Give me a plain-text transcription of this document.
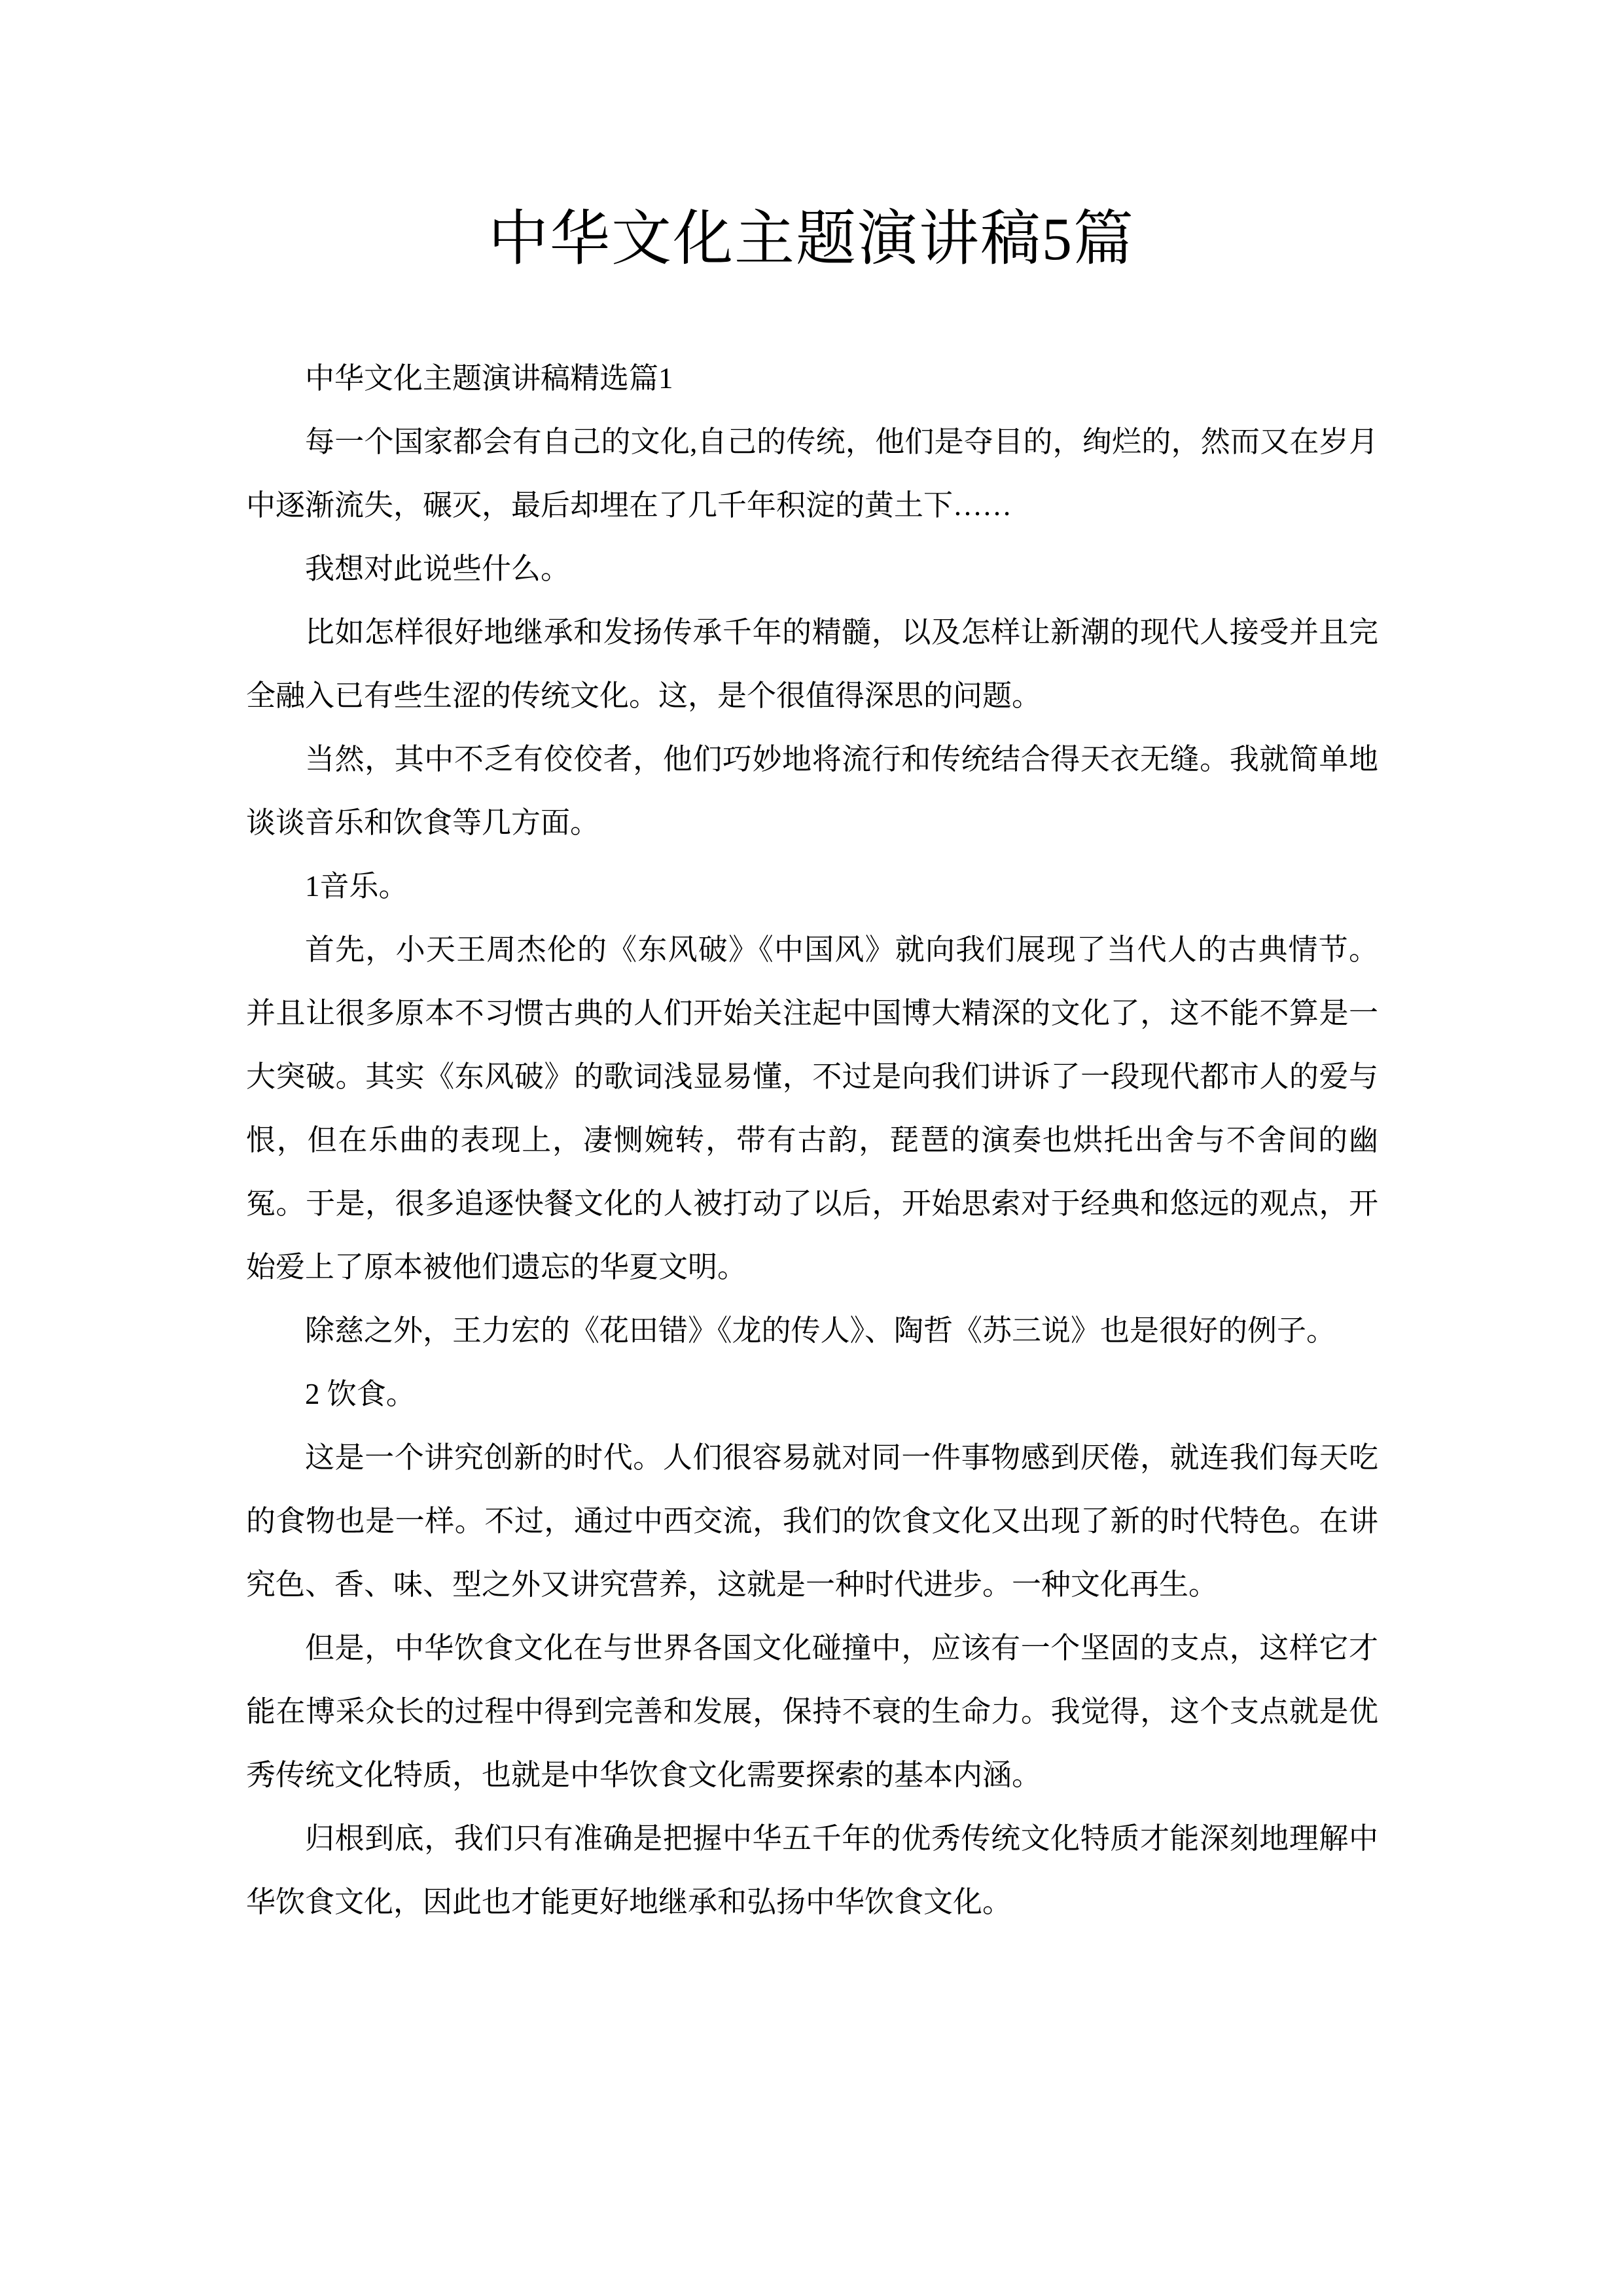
中华文化主题演讲稿5篇

中华文化主题演讲稿精选篇1

每一个国家都会有自己的文化,自己的传统，他们是夺目的，绚烂的，然而又在岁月中逐渐流失，碾灭，最后却埋在了几千年积淀的黄土下……

我想对此说些什么。

比如怎样很好地继承和发扬传承千年的精髓，以及怎样让新潮的现代人接受并且完全融入已有些生涩的传统文化。这，是个很值得深思的问题。

当然，其中不乏有佼佼者，他们巧妙地将流行和传统结合得天衣无缝。我就简单地谈谈音乐和饮食等几方面。

1音乐。

首先，小天王周杰伦的《东风破》《中国风》就向我们展现了当代人的古典情节。并且让很多原本不习惯古典的人们开始关注起中国博大精深的文化了，这不能不算是一大突破。其实《东风破》的歌词浅显易懂，不过是向我们讲诉了一段现代都市人的爱与恨，但在乐曲的表现上，凄恻婉转，带有古韵，琵琶的演奏也烘托出舍与不舍间的幽冤。于是，很多追逐快餐文化的人被打动了以后，开始思索对于经典和悠远的观点，开始爱上了原本被他们遗忘的华夏文明。

除慈之外，王力宏的《花田错》《龙的传人》、陶哲《苏三说》也是很好的例子。

2 饮食。

这是一个讲究创新的时代。人们很容易就对同一件事物感到厌倦，就连我们每天吃的食物也是一样。不过，通过中西交流，我们的饮食文化又出现了新的时代特色。在讲究色、香、味、型之外又讲究营养，这就是一种时代进步。一种文化再生。

但是，中华饮食文化在与世界各国文化碰撞中，应该有一个坚固的支点，这样它才能在博采众长的过程中得到完善和发展，保持不衰的生命力。我觉得，这个支点就是优秀传统文化特质，也就是中华饮食文化需要探索的基本内涵。

归根到底，我们只有准确是把握中华五千年的优秀传统文化特质才能深刻地理解中华饮食文化，因此也才能更好地继承和弘扬中华饮食文化。
